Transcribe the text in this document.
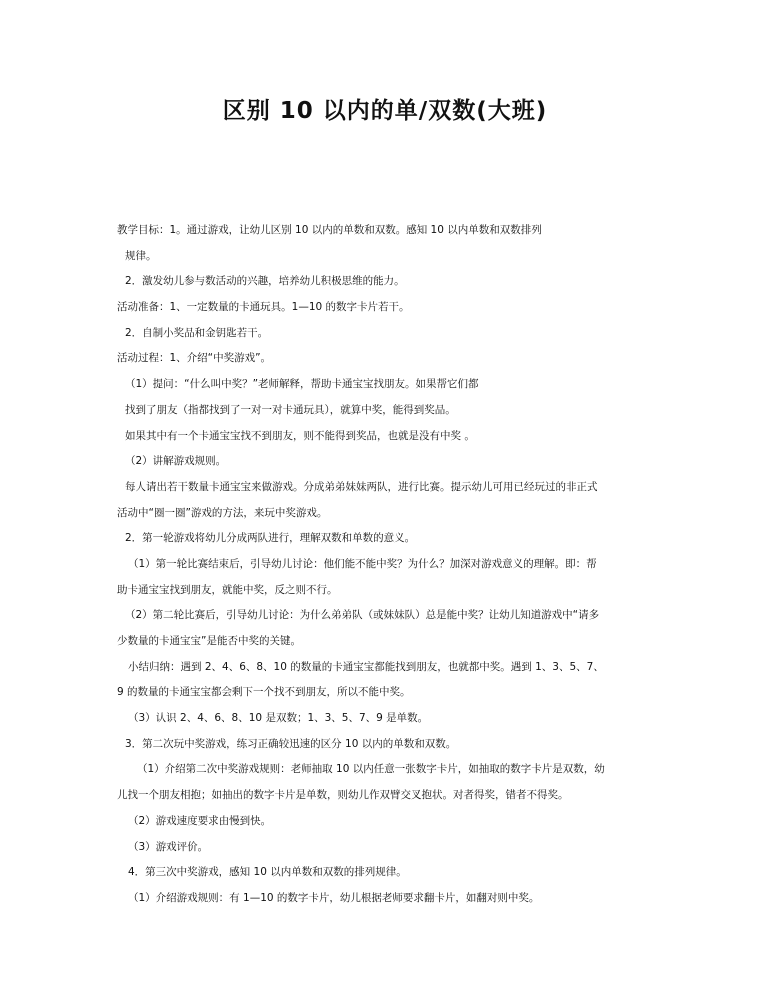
区别 10 以内的单/双数(大班)
教学目标：1。通过游戏，让幼儿区别 10 以内的单数和双数。感知 10 以内单数和双数排列
规律。
2．激发幼儿参与数活动的兴趣，培养幼儿积极思维的能力。
活动准备：1、一定数量的卡通玩具。1—10 的数字卡片若干。
2．自制小奖品和金钥匙若干。
活动过程：1、介绍“中奖游戏”。
（1）提问：“什么叫中奖？”老师解释，帮助卡通宝宝找朋友。如果帮它们都
找到了朋友（指都找到了一对一对卡通玩具），就算中奖，能得到奖品。
如果其中有一个卡通宝宝找不到朋友，则不能得到奖品，也就是没有中奖 。
（2）讲解游戏规则。
每人请出若干数量卡通宝宝来做游戏。分成弟弟妹妹两队，进行比赛。提示幼儿可用已经玩过的非正式
活动中“圈一圈”游戏的方法，来玩中奖游戏。
2．第一轮游戏将幼儿分成两队进行，理解双数和单数的意义。
（1）第一轮比赛结束后，引导幼儿讨论：他们能不能中奖？为什么？加深对游戏意义的理解。即：帮
助卡通宝宝找到朋友，就能中奖，反之则不行。
（2）第二轮比赛后，引导幼儿讨论：为什么弟弟队（或妹妹队）总是能中奖？让幼儿知道游戏中“请多
少数量的卡通宝宝”是能否中奖的关键。
小结归纳：遇到 2、4、6、8、10 的数量的卡通宝宝都能找到朋友，也就都中奖。遇到 1、3、5、7、
9 的数量的卡通宝宝都会剩下一个找不到朋友，所以不能中奖。
（3）认识 2、4、6、8、10 是双数；1、3、5、7、9 是单数。
3．第二次玩中奖游戏，练习正确较迅速的区分 10 以内的单数和双数。
（1）介绍第二次中奖游戏规则：老师抽取 10 以内任意一张数字卡片，如抽取的数字卡片是双数，幼
儿找一个朋友相抱；如抽出的数字卡片是单数，则幼儿作双臂交叉抱状。对者得奖，错者不得奖。
（2）游戏速度要求由慢到快。
（3）游戏评价。
4．第三次中奖游戏，感知 10 以内单数和双数的排列规律。
（1）介绍游戏规则：有 1—10 的数字卡片，幼儿根据老师要求翻卡片，如翻对则中奖。
